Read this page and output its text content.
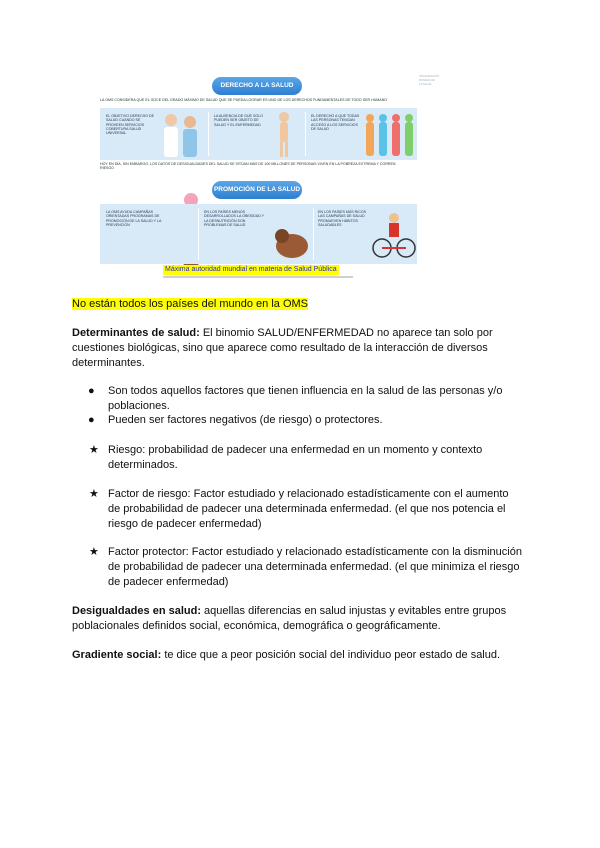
DERECHO A LA SALUD
ORGANIZACIÓN
MUNDIAL DE
LA SALUD
LA OMS CONSIDERA QUE EL GOCE DEL GRADO MÁXIMO DE SALUD QUE SE PUEDA LOGRAR ES UNO DE LOS DERECHOS FUNDAMENTALES DE TODO SER HUMANO
EL OBJETIVO DERECHO DE SALUD CUANDO SE PROVEEN SERVICIOS COBERTURA SALUD UNIVERSAL
LA AUSENCIA DE GUE SOLO PUEDEN SER OBJETO DE SALUD Y EL ENFERMEDAD
EL DERECHO A QUE TODAS LAS PERSONAS TENGAN ACCESO A LOS SERVICIOS DE SALUD
HOY EN DÍA, SIN EMBARGO, LOS DATOS DE DESIGUALDADES DEL SALUD SE SITÚAN MÁS DE 100 MILLONES DE PERSONAS VIVEN EN LA POBREZA EXTREMA Y CORREN RIESGO
PROMOCIÓN DE LA SALUD
LA OMS AYUDA CAMPAÑAS ORIENTADAS PROGRAMAS DE PROMOCIÓN DE LA SALUD Y LA PREVENCIÓN
EN LOS PAÍSES MENOS DESARROLLADOS LA OBESIDAD Y LA DESNUTRICIÓN SON PROBLEMAS DE SALUD
EN LOS PAÍSES MÁS RICOS LAS CAMPAÑAS DE SALUD PROMUEVEN HÁBITOS SALUDABLES
Máxima autoridad mundial en materia de Salud Pública
No están todos los países del mundo en la OMS
Determinantes de salud: El binomio SALUD/ENFERMEDAD no aparece tan solo por
cuestiones biológicas, sino que aparece como resultado de la interacción de diversos
determinantes.
●	Son todos aquellos factores que tienen influencia en la salud de las personas y/o
poblaciones.
●	Pueden ser factores negativos (de riesgo) o protectores.
★ Riesgo: probabilidad de padecer una enfermedad en un momento y contexto
determinados.
★ Factor de riesgo: Factor estudiado y relacionado estadísticamente con el aumento
de probabilidad de padecer una determinada enfermedad. (el que nos potencia el
riesgo de padecer enfermedad)
★ Factor protector: Factor estudiado y relacionado estadísticamente con la disminución
de probabilidad de padecer una determinada enfermedad. (el que minimiza el riesgo
de padecer enfermedad)
Desigualdades en salud: aquellas diferencias en salud injustas y evitables entre grupos
poblacionales definidos social, económica, demográfica o geográficamente.
Gradiente social: te dice que a peor posición social del individuo peor estado de salud.
